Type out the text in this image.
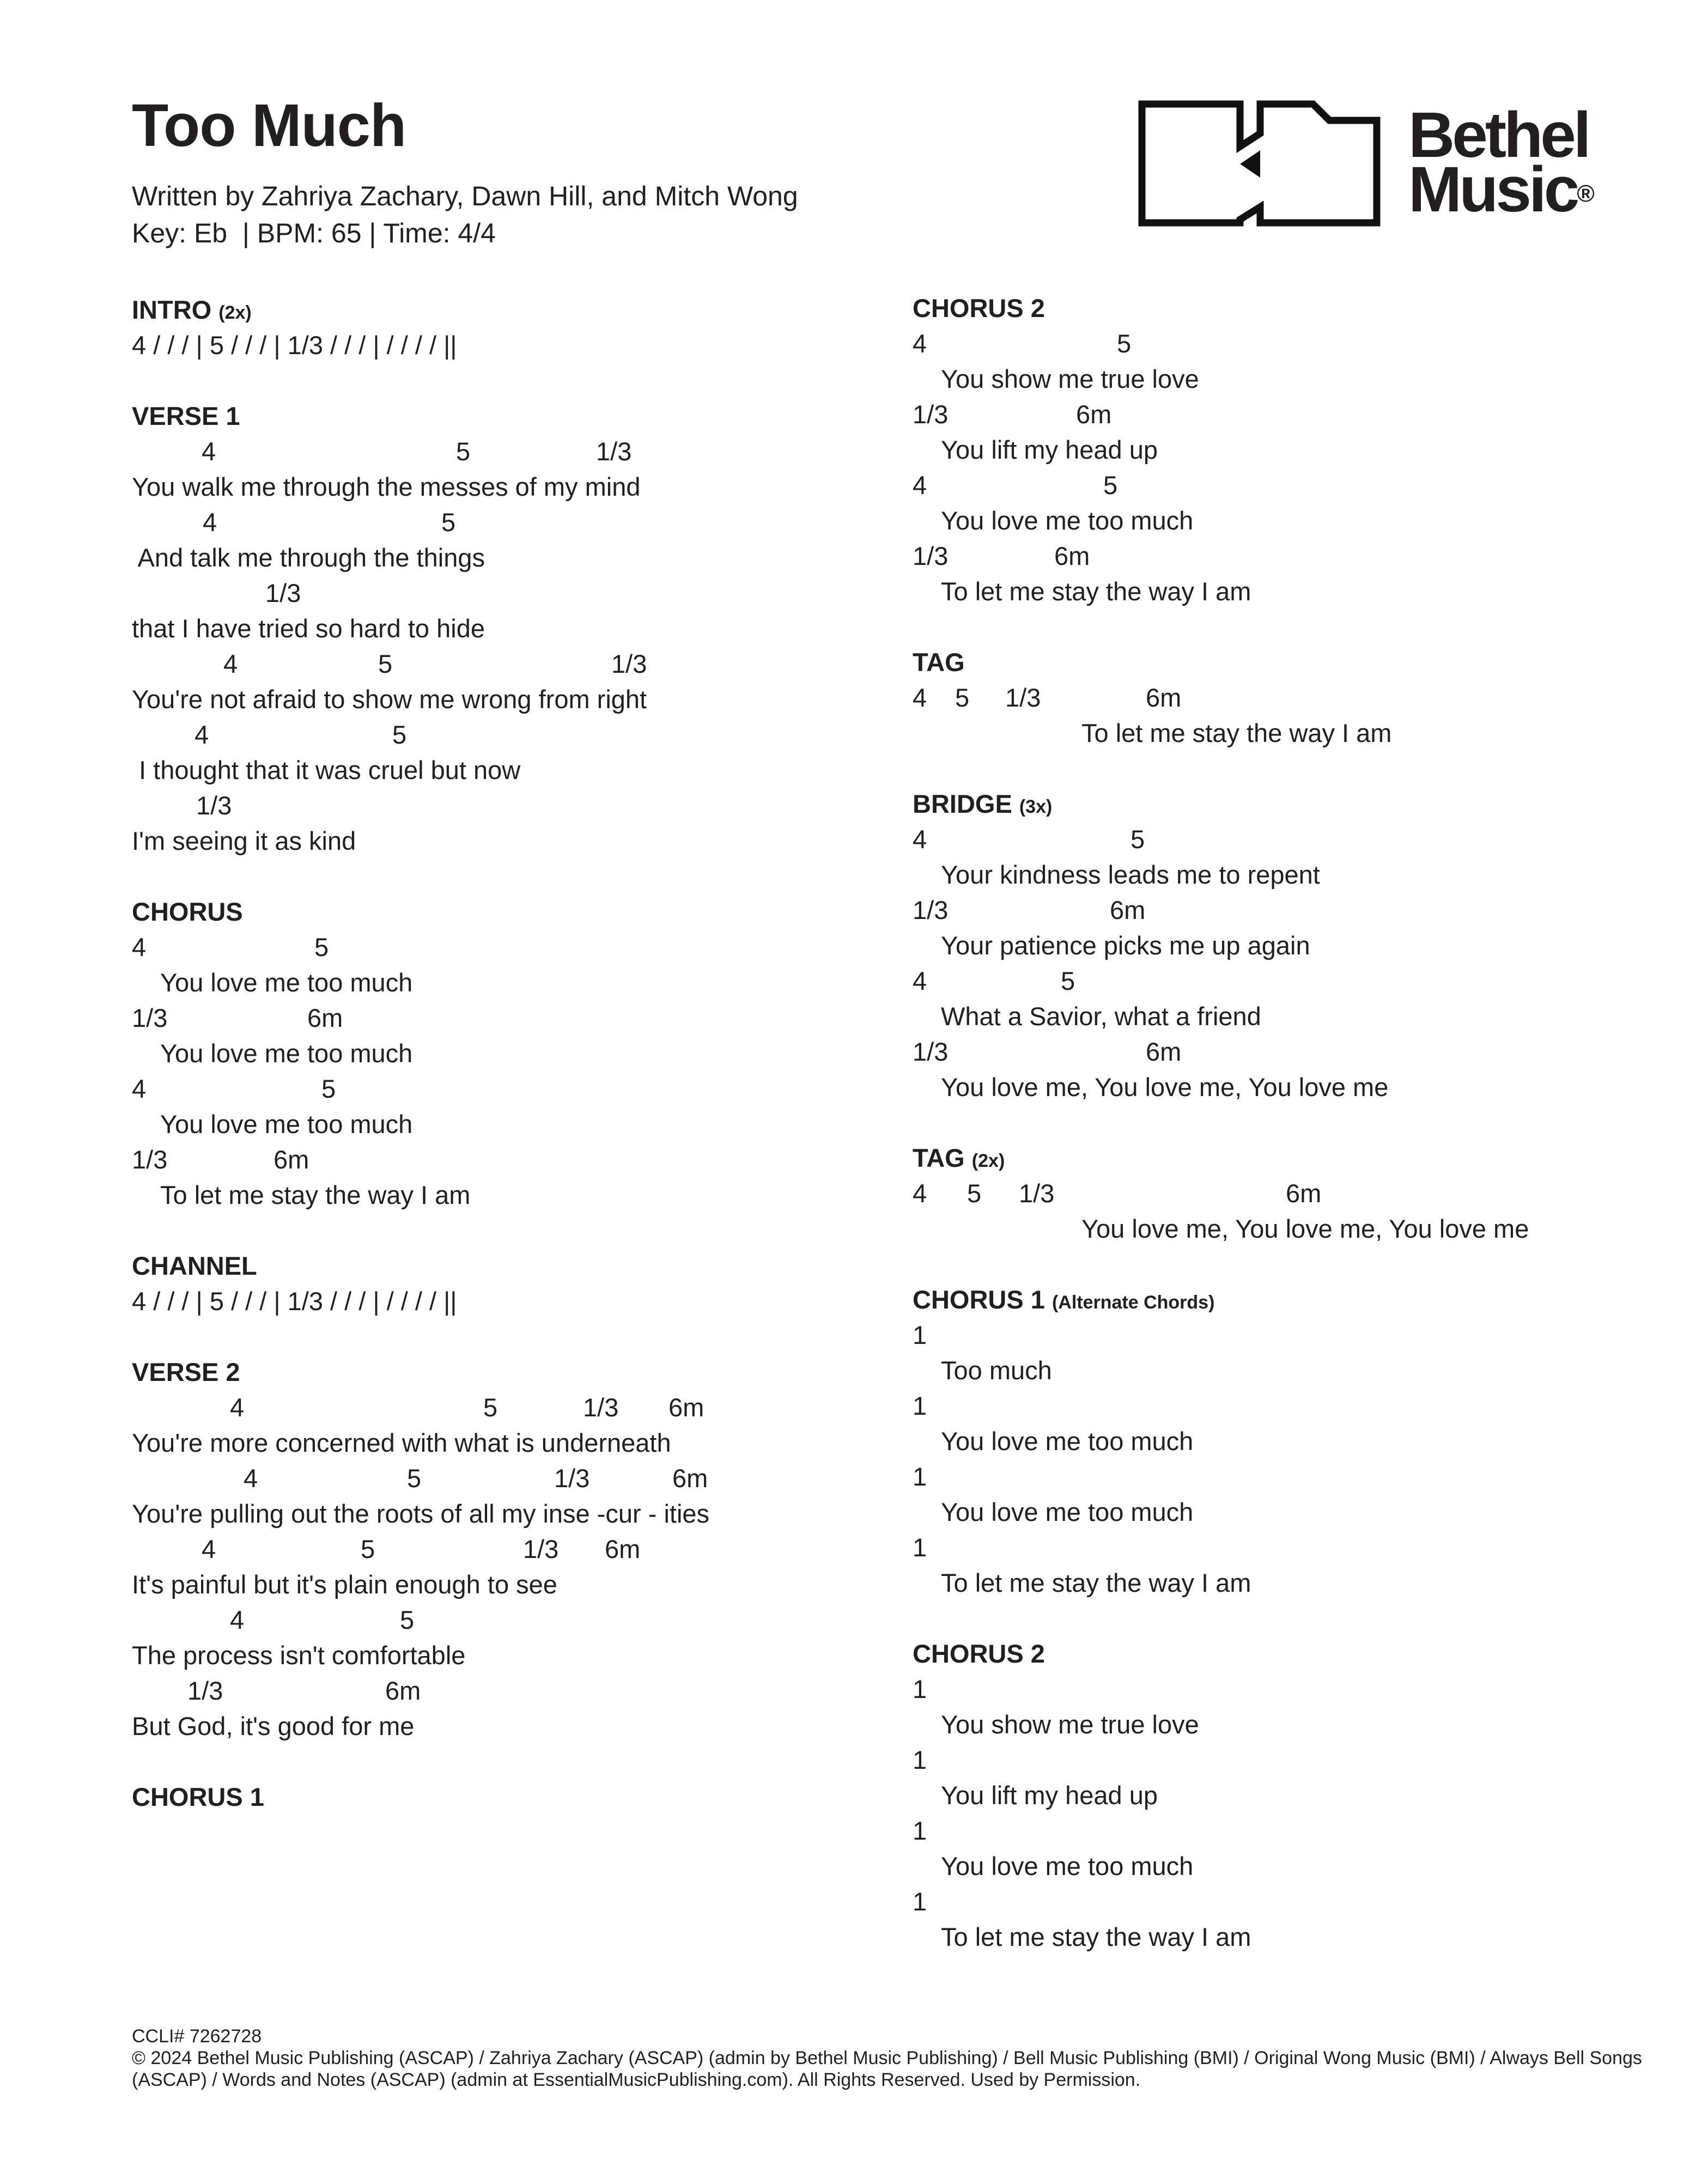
Too Much
Written by Zahriya Zachary, Dawn Hill, and Mitch Wong
Key: Eb  | BPM: 65 | Time: 4/4
Bethel
Music®
INTRO (2x)
4 / / / | 5 / / / | 1/3 / / / | / / / / ||
VERSE 1

4

	5

	1/3

You walk me through the messes of my mind

4

	5

And talk me through the things

1/3

that I have tried so hard to hide

4

	5

	1/3

You're not afraid to show me wrong from right

4

	5

I thought that it was cruel but now

1/3

I'm seeing it as kind
CHORUS

4

	5

You love me too much

1/3

	6m

You love me too much

4

	5

You love me too much

1/3

	6m

To let me stay the way I am
CHANNEL
4 / / / | 5 / / / | 1/3 / / / | / / / / ||
VERSE 2

4

	5

	1/3

6m

You're more concerned with what is underneath

4

	5

	1/3

	6m

You're pulling out the roots of all my inse -cur - ities

4

	5

	1/3

6m

It's painful but it's plain enough to see

4

	5

The process isn't comfortable

1/3

	6m

But God, it's good for me
CHORUS 1
CHORUS 2

4

	5

You show me true love

1/3

	6m

You lift my head up

4

	5

You love me too much

1/3

	6m

To let me stay the way I am
TAG

4

5

1/3

	6m

To let me stay the way I am
BRIDGE (3x)

4

	5

Your kindness leads me to repent

1/3

	6m

Your patience picks me up again

4

	5

What a Savior, what a friend

1/3

	6m

You love me, You love me, You love me
TAG (2x)

4

5

1/3

	6m

You love me, You love me, You love me
CHORUS 1 (Alternate Chords)

1

Too much

1

You love me too much

1

You love me too much

1

To let me stay the way I am
CHORUS 2

1

You show me true love

1

You lift my head up

1

You love me too much

1

To let me stay the way I am
CCLI# 7262728
© 2024 Bethel Music Publishing (ASCAP) / Zahriya Zachary (ASCAP) (admin by Bethel Music Publishing) / Bell Music Publishing (BMI) / Original Wong Music (BMI) / Always Bell Songs (ASCAP) / Words and Notes (ASCAP) (admin at EssentialMusicPublishing.com). All Rights Reserved. Used by Permission.
